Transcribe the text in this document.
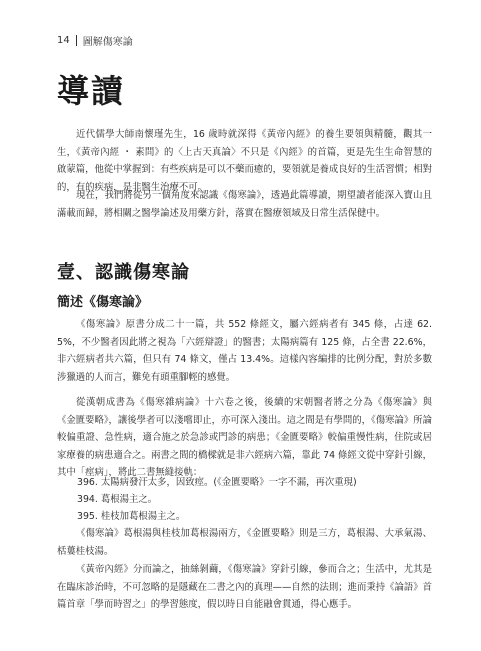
14 圖解傷寒論
導讀

近代儒學大師南懷瑾先生，16 歲時就深得《黃帝內經》的養生要領與精髓，觀其一生，《黃帝內經 ・ 素問》的〈上古天真論〉不只是《內經》的首篇，更是先生生命智慧的啟蒙篇，他從中掌握到：有些疾病是可以不藥而癒的，要領就是養成良好的生活習慣；相對的，有的疾病，是非醫生治療不可。

現在，我們將從另一個角度來認識《傷寒論》，透過此篇導讀，期望讀者能深入寶山且滿載而歸，將相關之醫學論述及用藥方針，落實在醫療領域及日常生活保健中。

壹、認識傷寒論
簡述《傷寒論》

《傷寒論》原書分成二十一篇，共 552 條經文，屬六經病者有 345 條，占達 62.5%，不少醫者因此將之視為「六經辯證」的醫書；太陽病篇有 125 條，占全書 22.6%，非六經病者共六篇，但只有 74 條文，僅占 13.4%。這樣內容編排的比例分配，對於多數涉獵過的人而言，難免有頭重腳輕的感覺。

從漢朝成書為《傷寒雜病論》十六卷之後，後續的宋朝醫者將之分為《傷寒論》與《金匱要略》，讓後學者可以淺嚐即止，亦可深入淺出。這之間是有學問的，《傷寒論》所論較偏重證、急性病，適合施之於急診或門診的病患；《金匱要略》較偏重慢性病，住院或居家療養的病患適合之。兩書之間的橋樑就是非六經病六篇，靠此 74 條經文從中穿針引線，其中「痙病」，將此二書無縫接軌：

396. 太陽病發汗太多，因致痙。(《金匱要略》一字不漏，再次重現)

394. 葛根湯主之。

395. 桂枝加葛根湯主之。

《傷寒論》葛根湯與桂枝加葛根湯兩方，《金匱要略》則是三方，葛根湯、大承氣湯、栝蔞桂枝湯。

《黃帝內經》分而論之，抽絲剝繭，《傷寒論》穿針引線，參而合之；生活中，尤其是在臨床診治時，不可忽略的是隱藏在二書之內的真理——自然的法則；進而秉持《論語》首篇首章「學而時習之」的學習態度，假以時日自能融會貫通，得心應手。
